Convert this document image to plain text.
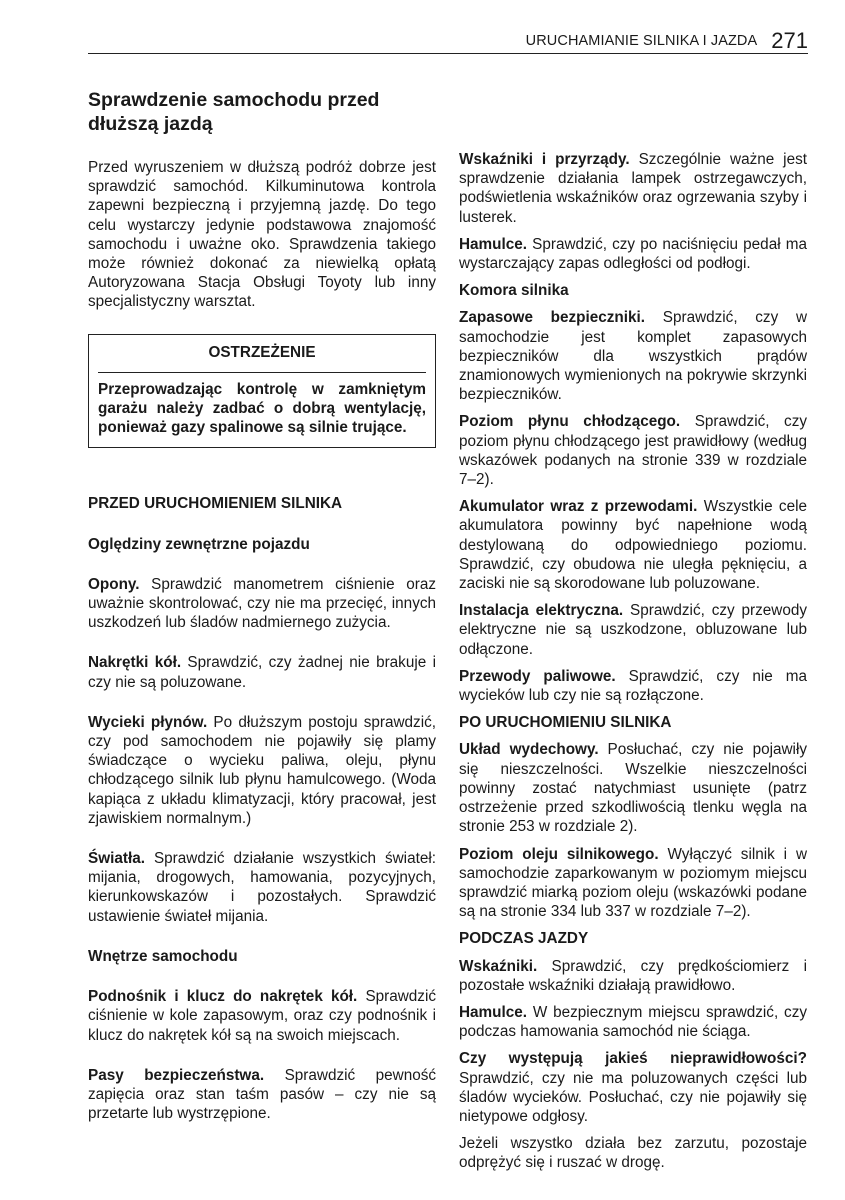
URUCHAMIANIE SILNIKA I JAZDA 271
Sprawdzenie samochodu przed
dłuższą jazdą

Przed wyruszeniem w dłuższą podróż dobrze jest sprawdzić samochód. Kilkuminutowa kontrola zapewni bezpieczną i przyjemną jazdę. Do tego celu wystarczy jedynie podstawowa znajomość samochodu i uważne oko. Sprawdzenia takiego może również dokonać za niewielką opłatą Autoryzowana Stacja Obsługi Toyoty lub inny specjalistyczny warsztat.

OSTRZEŻENIE
Przeprowadzając kontrolę w zamkniętym garażu należy zadbać o dobrą wentylację, ponieważ gazy spalinowe są silnie trujące.
PRZED URUCHOMIENIEM SILNIKA
Oględziny zewnętrzne pojazdu

Opony. Sprawdzić manometrem ciśnienie oraz uważnie skontrolować, czy nie ma przecięć, innych uszkodzeń lub śladów nadmiernego zużycia.

Nakrętki kół. Sprawdzić, czy żadnej nie brakuje i czy nie są poluzowane.

Wycieki płynów. Po dłuższym postoju sprawdzić, czy pod samochodem nie pojawiły się plamy świadczące o wycieku paliwa, oleju, płynu chłodzącego silnik lub płynu hamulcowego. (Woda kapiąca z układu klimatyzacji, który pracował, jest zjawiskiem normalnym.)

Światła. Sprawdzić działanie wszystkich świateł: mijania, drogowych, hamowania, pozycyjnych, kierunkowskazów i pozostałych. Sprawdzić ustawienie świateł mijania.

Wnętrze samochodu

Podnośnik i klucz do nakrętek kół. Sprawdzić ciśnienie w kole zapasowym, oraz czy podnośnik i klucz do nakrętek kół są na swoich miejscach.

Pasy bezpieczeństwa. Sprawdzić pewność zapięcia oraz stan taśm pasów – czy nie są przetarte lub wystrzępione.

Wskaźniki i przyrządy. Szczególnie ważne jest sprawdzenie działania lampek ostrzegawczych, podświetlenia wskaźników oraz ogrzewania szyby i lusterek.

Hamulce. Sprawdzić, czy po naciśnięciu pedał ma wystarczający zapas odległości od podłogi.

Komora silnika

Zapasowe bezpieczniki. Sprawdzić, czy w samochodzie jest komplet zapasowych bezpieczników dla wszystkich prądów znamionowych wymienionych na pokrywie skrzynki bezpieczników.

Poziom płynu chłodzącego. Sprawdzić, czy poziom płynu chłodzącego jest prawidłowy (według wskazówek podanych na stronie 339 w rozdziale 7–2).

Akumulator wraz z przewodami. Wszystkie cele akumulatora powinny być napełnione wodą destylowaną do odpowiedniego poziomu. Sprawdzić, czy obudowa nie uległa pęknięciu, a zaciski nie są skorodowane lub poluzowane.

Instalacja elektryczna. Sprawdzić, czy przewody elektryczne nie są uszkodzone, obluzowane lub odłączone.

Przewody paliwowe. Sprawdzić, czy nie ma wycieków lub czy nie są rozłączone.

PO URUCHOMIENIU SILNIKA

Układ wydechowy. Posłuchać, czy nie pojawiły się nieszczelności. Wszelkie nieszczelności powinny zostać natychmiast usunięte (patrz ostrzeżenie przed szkodliwością tlenku węgla na stronie 253 w rozdziale 2).

Poziom oleju silnikowego. Wyłączyć silnik i w samochodzie zaparkowanym w poziomym miejscu sprawdzić miarką poziom oleju (wskazówki podane są na stronie 334 lub 337 w rozdziale 7–2).

PODCZAS JAZDY

Wskaźniki. Sprawdzić, czy prędkościomierz i pozostałe wskaźniki działają prawidłowo.

Hamulce. W bezpiecznym miejscu sprawdzić, czy podczas hamowania samochód nie ściąga.

Czy występują jakieś nieprawidłowości? Sprawdzić, czy nie ma poluzowanych części lub śladów wycieków. Posłuchać, czy nie pojawiły się nietypowe odgłosy.

Jeżeli wszystko działa bez zarzutu, pozostaje odprężyć się i ruszać w drogę.
